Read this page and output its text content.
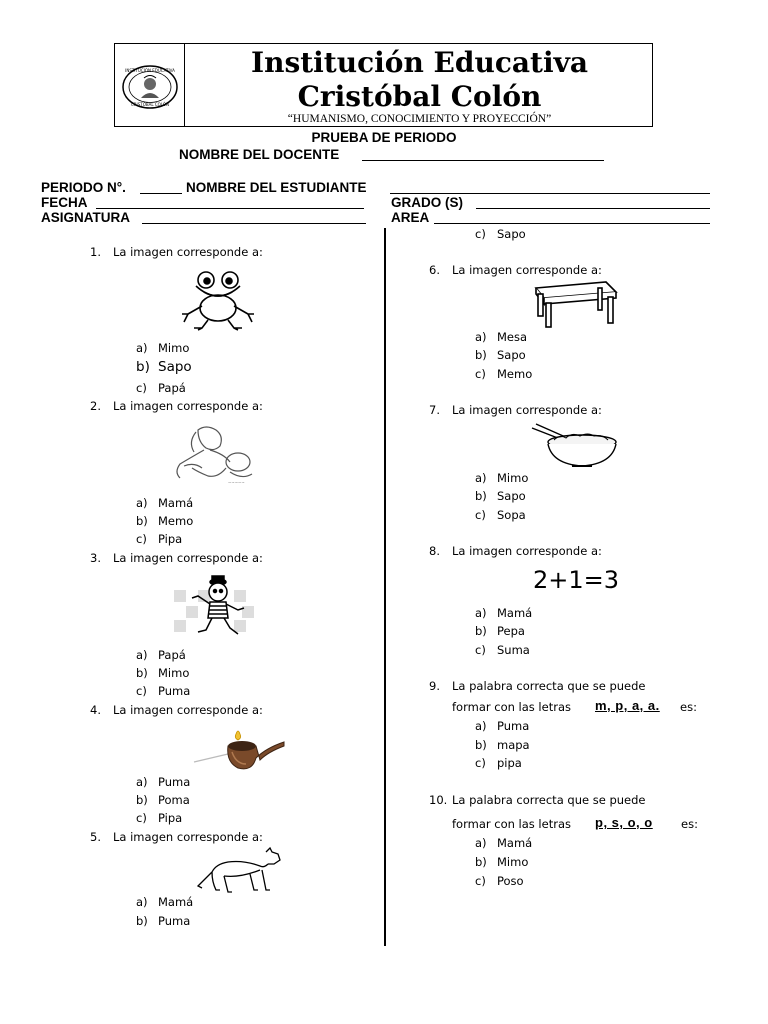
INSTITUCIÓN EDUCATIVA
CRISTÓBAL COLÓN
Institución Educativa
Cristóbal Colón
“HUMANISMO, CONOCIMIENTO Y PROYECCIÓN”
PRUEBA DE PERIODO
NOMBRE DEL DOCENTE
PERIODO N°.	NOMBRE DEL ESTUDIANTE
FECHA	GRADO (S)
ASIGNATURA	AREA
1. La imagen corresponde a:
a) Mimo
b) Sapo
c) Papá
2. La imagen corresponde a:
~~~~~
a) Mamá
b) Memo
c) Pipa
3. La imagen corresponde a:
a) Papá
b) Mimo
c) Puma
4. La imagen corresponde a:
a) Puma
b) Poma
c) Pipa
5. La imagen corresponde a:
a) Mamá
b) Puma
c) Sapo
6. La imagen corresponde a:
a) Mesa
b) Sapo
c) Memo
7. La imagen corresponde a:
a) Mimo
b) Sapo
c) Sopa
8. La imagen corresponde a:
2+1=3
a) Mamá
b) Pepa
c) Suma
9. La palabra correcta que se puede
formar con las letras m, p, a, a. es:
a) Puma
b) mapa
c) pipa
10. La palabra correcta que se puede
formar con las letras p, s, o, o es:
a) Mamá
b) Mimo
c) Poso
